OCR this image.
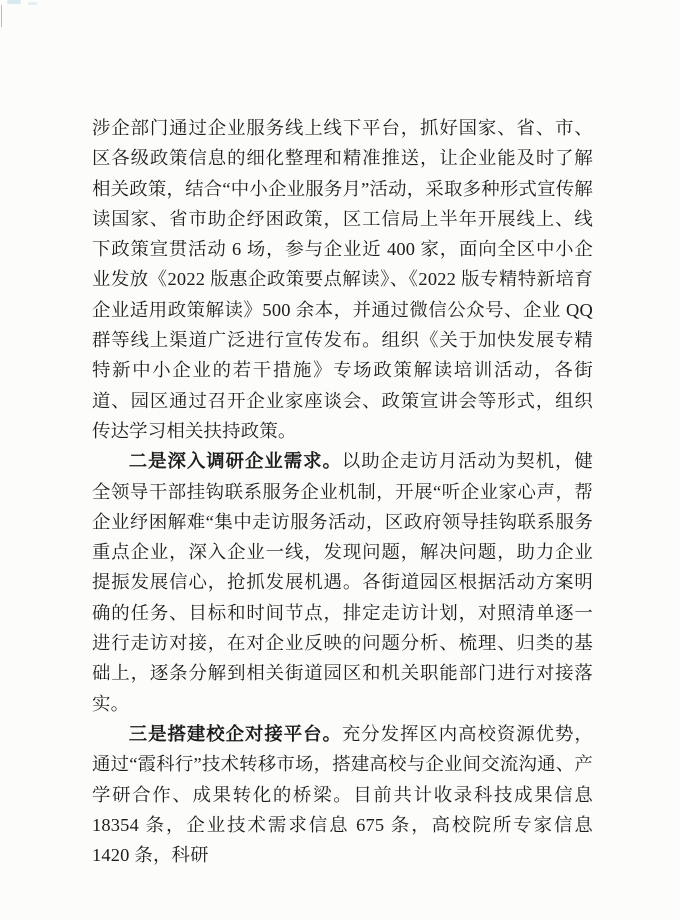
涉企部门通过企业服务线上线下平台，抓好国家、省、市、区各级政策信息的细化整理和精准推送，让企业能及时了解相关政策，结合“中小企业服务月”活动，采取多种形式宣传解读国家、省市助企纾困政策，区工信局上半年开展线上、线下政策宣贯活动 6 场，参与企业近 400 家，面向全区中小企业发放《2022 版惠企政策要点解读》、《2022 版专精特新培育企业适用政策解读》500 余本，并通过微信公众号、企业 QQ 群等线上渠道广泛进行宣传发布。组织《关于加快发展专精特新中小企业的若干措施》专场政策解读培训活动，各街道、园区通过召开企业家座谈会、政策宣讲会等形式，组织传达学习相关扶持政策。

二是深入调研企业需求。以助企走访月活动为契机，健全领导干部挂钩联系服务企业机制，开展“听企业家心声，帮企业纾困解难“集中走访服务活动，区政府领导挂钩联系服务重点企业，深入企业一线，发现问题，解决问题，助力企业提振发展信心，抢抓发展机遇。各街道园区根据活动方案明确的任务、目标和时间节点，排定走访计划，对照清单逐一进行走访对接，在对企业反映的问题分析、梳理、归类的基础上，逐条分解到相关街道园区和机关职能部门进行对接落实。

三是搭建校企对接平台。充分发挥区内高校资源优势，通过“霞科行”技术转移市场，搭建高校与企业间交流沟通、产学研合作、成果转化的桥梁。目前共计收录科技成果信息 18354 条，企业技术需求信息 675 条，高校院所专家信息 1420 条，科研
